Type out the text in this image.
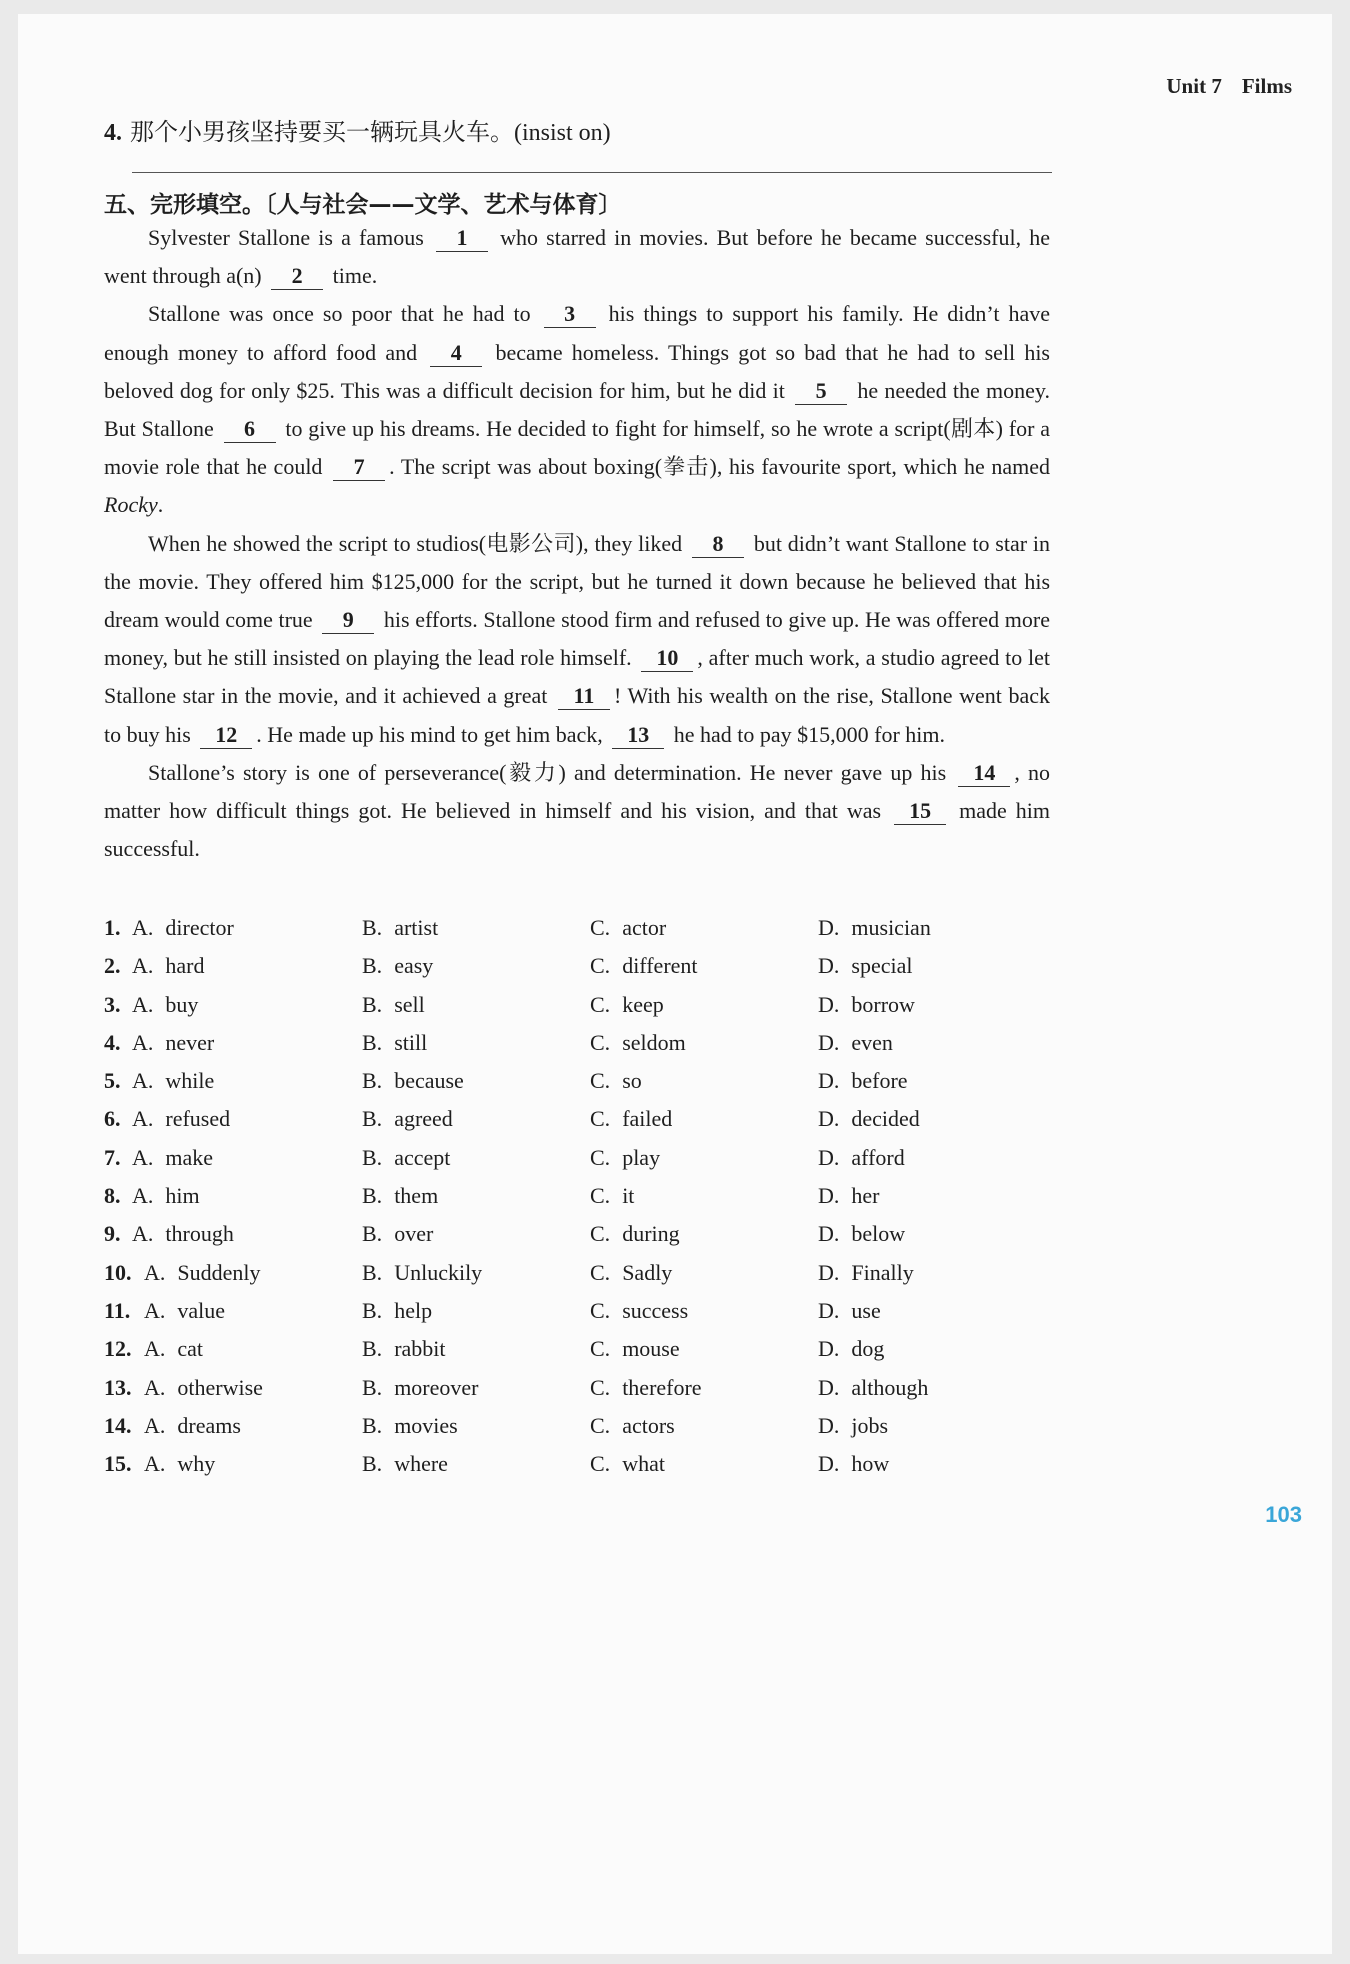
Unit 7 Films
4. 那个小男孩坚持要买一辆玩具火车。(insist on)
五、完形填空。〔人与社会——文学、艺术与体育〕

Sylvester Stallone is a famous 1 who starred in movies. But before he became successful, he went through a(n) 2 time.

Stallone was once so poor that he had to 3 his things to support his family. He didn’t have enough money to afford food and 4 became homeless. Things got so bad that he had to sell his beloved dog for only $25. This was a difficult decision for him, but he did it 5 he needed the money. But Stallone 6 to give up his dreams. He decided to fight for himself, so he wrote a script(剧本) for a movie role that he could 7 . The script was about boxing(拳击), his favourite sport, which he named Rocky.

When he showed the script to studios(电影公司), they liked 8 but didn’t want Stallone to star in the movie. They offered him $125,000 for the script, but he turned it down because he believed that his dream would come true 9 his efforts. Stallone stood firm and refused to give up. He was offered more money, but he still insisted on playing the lead role himself. 10 , after much work, a studio agreed to let Stallone star in the movie, and it achieved a great 11 ! With his wealth on the rise, Stallone went back to buy his 12 . He made up his mind to get him back, 13 he had to pay $15,000 for him.

Stallone’s story is one of perseverance(毅力) and determination. He never gave up his 14 , no matter how difficult things got. He believed in himself and his vision, and that was 15 made him successful.

1. A. director	B. artist	C. actor	D. musician
2. A. hard	B. easy	C. different	D. special
3. A. buy	B. sell	C. keep	D. borrow
4. A. never	B. still	C. seldom	D. even
5. A. while	B. because	C. so	D. before
6. A. refused	B. agreed	C. failed	D. decided
7. A. make	B. accept	C. play	D. afford
8. A. him	B. them	C. it	D. her
9. A. through	B. over	C. during	D. below
10. A. Suddenly	B. Unluckily	C. Sadly	D. Finally
11. A. value	B. help	C. success	D. use
12. A. cat	B. rabbit	C. mouse	D. dog
13. A. otherwise	B. moreover	C. therefore	D. although
14. A. dreams	B. movies	C. actors	D. jobs
15. A. why	B. where	C. what	D. how
103
